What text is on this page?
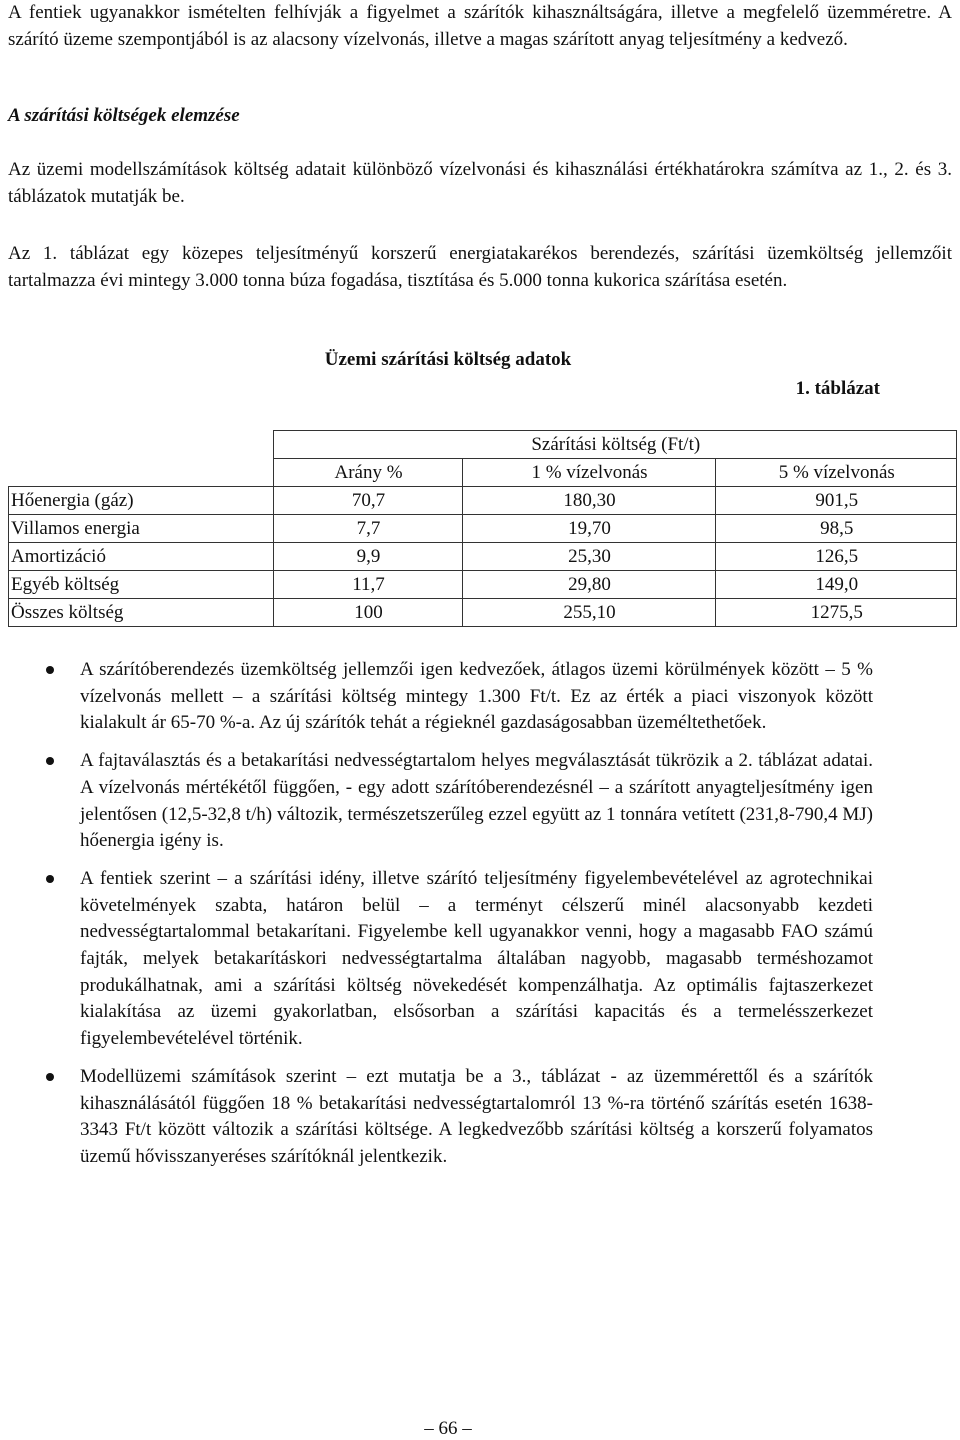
A fentiek ugyanakkor ismételten felhívják a figyelmet a szárítók kihasználtságára, illetve a megfelelő üzemméretre. A szárító üzeme szempontjából is az alacsony vízelvonás, illetve a magas szárított anyag teljesítmény a kedvező.

A szárítási költségek elemzése

Az üzemi modellszámítások költség adatait különböző vízelvonási és kihasználási értékhatárokra számítva az 1., 2. és 3. táblázatok mutatják be.

Az 1. táblázat egy közepes teljesítményű korszerű energiatakarékos berendezés, szárítási üzemköltség jellemzőit tartalmazza évi mintegy 3.000 tonna búza fogadása, tisztítása és 5.000 tonna kukorica szárítása esetén.

Üzemi szárítási költség adatok

1. táblázat

	Szárítási költség (Ft/t)		
	Arány %	1 % vízelvonás	5 % vízelvonás
Hőenergia (gáz)	70,7	180,30	901,5
Villamos energia	7,7	19,70	98,5
Amortizáció	9,9	25,30	126,5
Egyéb költség	11,7	29,80	149,0
Összes költség	100	255,10	1275,5
A szárítóberendezés üzemköltség jellemzői igen kedvezőek, átlagos üzemi körülmények között – 5 % vízelvonás mellett – a szárítási költség mintegy 1.300 Ft/t. Ez az érték a piaci viszonyok között kialakult ár 65-70 %-a. Az új szárítók tehát a régieknél gazdaságosabban üzeméltethetőek.
A fajtaválasztás és a betakarítási nedvességtartalom helyes megválasztását tükrözik a 2. táblázat adatai. A vízelvonás mértékétől függően, - egy adott szárítóberendezésnél – a szárított anyagteljesítmény igen jelentősen (12,5-32,8 t/h) változik, természetszerűleg ezzel együtt az 1 tonnára vetített (231,8-790,4 MJ) hőenergia igény is.
A fentiek szerint – a szárítási idény, illetve szárító teljesítmény figyelembevételével az agrotechnikai követelmények szabta, határon belül – a terményt célszerű minél alacsonyabb kezdeti nedvességtartalommal betakarítani. Figyelembe kell ugyanakkor venni, hogy a magasabb FAO számú fajták, melyek betakarításkori nedvességtartalma általában nagyobb, magasabb terméshozamot produkálhatnak, ami a szárítási költség növekedését kompenzálhatja. Az optimális fajtaszerkezet kialakítása az üzemi gyakorlatban, elsősorban a szárítási kapacitás és a termelésszerkezet figyelembevételével történik.
Modellüzemi számítások szerint – ezt mutatja be a 3., táblázat - az üzemmérettől és a szárítók kihasználásától függően 18 % betakarítási nedvességtartalomról 13 %-ra történő szárítás esetén 1638-3343 Ft/t között változik a szárítási költsége. A legkedvezőbb szárítási költség a korszerű folyamatos üzemű hővisszanyeréses szárítóknál jelentkezik.

– 66 –
